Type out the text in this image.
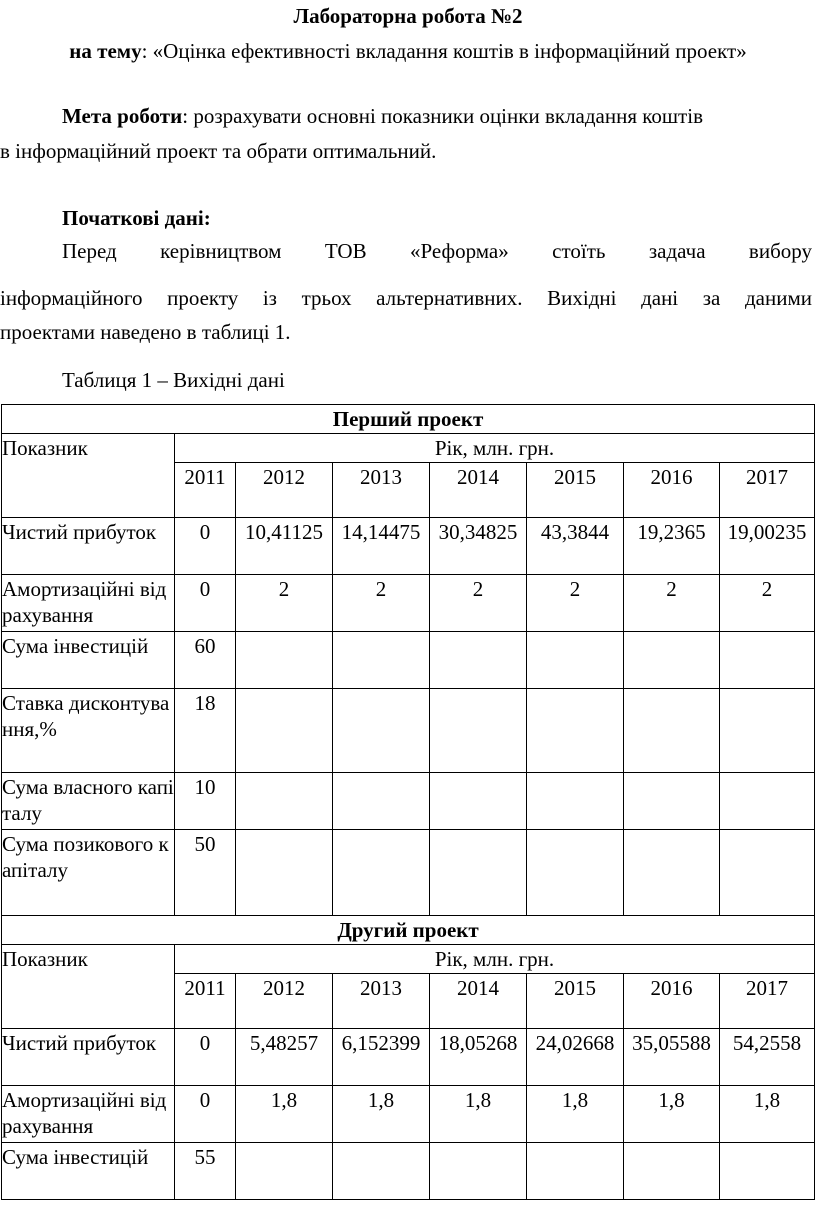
Лабораторна робота №2
на тему: «Оцінка ефективності вкладання коштів в інформаційний проект»
Мета роботи: розрахувати основні показники оцінки вкладання коштів
в інформаційний проект та обрати оптимальний.
Початкові дані:
Перед керівництвом ТОВ «Реформа» стоїть задача вибору
інформаційного проекту із трьох альтернативних. Вихідні дані за даними
проектами наведено в таблиці 1.
Таблиця 1 – Вихідні дані
Перший проект							
Показник	Рік, млн. грн.						
	2011	2012	2013	2014	2015	2016	2017
Чистий прибуток	0	10,41125	14,14475	30,34825	43,3844	19,2365	19,00235
Амортизаційні відрахування	0	2	2	2	2	2	2
Сума інвестицій	60						
Ставка дисконтування,%	18						
Сума власного капіталу	10						
Сума позикового капіталу	50						
Другий проект							
Показник	Рік, млн. грн.						
	2011	2012	2013	2014	2015	2016	2017
Чистий прибуток	0	5,48257	6,152399	18,05268	24,02668	35,05588	54,2558
Амортизаційні відрахування	0	1,8	1,8	1,8	1,8	1,8	1,8
Сума інвестицій	55						
